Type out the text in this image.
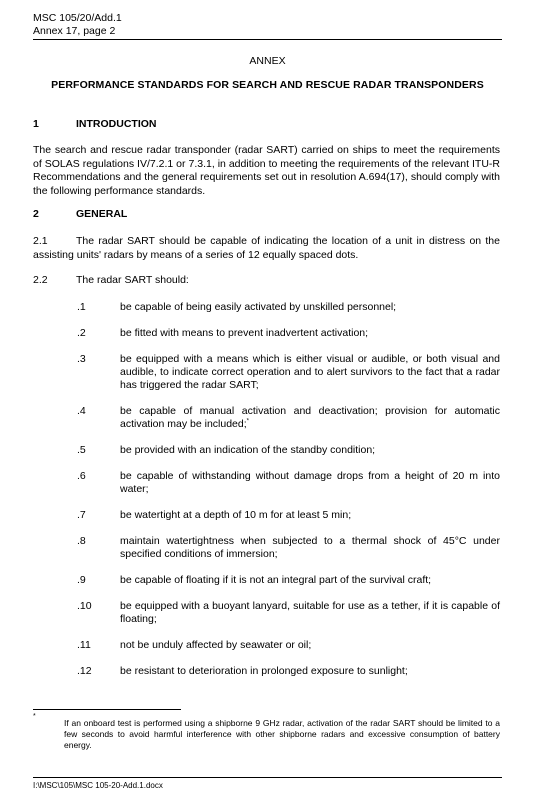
MSC 105/20/Add.1
Annex 17, page 2
ANNEX
PERFORMANCE STANDARDS FOR SEARCH AND RESCUE RADAR TRANSPONDERS
1	INTRODUCTION
The search and rescue radar transponder (radar SART) carried on ships to meet the requirements of SOLAS regulations IV/7.2.1 or 7.3.1, in addition to meeting the requirements of the relevant ITU-R Recommendations and the general requirements set out in resolution A.694(17), should comply with the following performance standards.
2	GENERAL
2.1	The radar SART should be capable of indicating the location of a unit in distress on the assisting units' radars by means of a series of 12 equally spaced dots.
2.2	The radar SART should:
.1	be capable of being easily activated by unskilled personnel;
.2	be fitted with means to prevent inadvertent activation;
.3	be equipped with a means which is either visual or audible, or both visual and audible, to indicate correct operation and to alert survivors to the fact that a radar has triggered the radar SART;
.4	be capable of manual activation and deactivation; provision for automatic activation may be included;*
.5	be provided with an indication of the standby condition;
.6	be capable of withstanding without damage drops from a height of 20 m into water;
.7	be watertight at a depth of 10 m for at least 5 min;
.8	maintain watertightness when subjected to a thermal shock of 45°C under specified conditions of immersion;
.9	be capable of floating if it is not an integral part of the survival craft;
.10	be equipped with a buoyant lanyard, suitable for use as a tether, if it is capable of floating;
.11	not be unduly affected by seawater or oil;
.12	be resistant to deterioration in prolonged exposure to sunlight;
*
If an onboard test is performed using a shipborne 9 GHz radar, activation of the radar SART should be limited to a few seconds to avoid harmful interference with other shipborne radars and excessive consumption of battery energy.
I:\MSC\105\MSC 105-20-Add.1.docx
